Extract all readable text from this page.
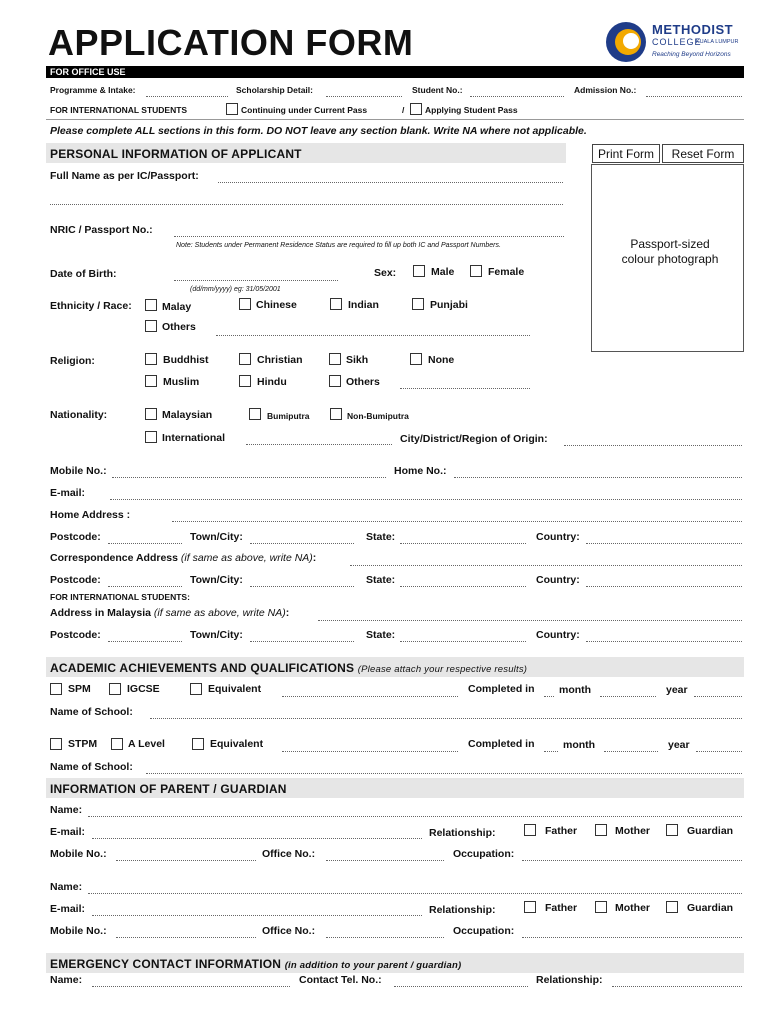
APPLICATION FORM	METHODIST
COLLEGE
KUALA LUMPUR
Reaching Beyond Horizons
FOR OFFICE USE
Programme & Intake:	Scholarship Detail:	Student No.:	Admission No.:
FOR INTERNATIONAL STUDENTS	Continuing under Current Pass	/ Applying Student Pass
Please complete ALL sections in this form. DO NOT leave any section blank. Write NA where not applicable.
PERSONAL INFORMATION OF APPLICANT	Print Form	Reset Form
Passport-sized
colour photograph
Full Name as per IC/Passport:
NRIC / Passport No.:
Note: Students under Permanent Residence Status are required to fill up both IC and Passport Numbers.
Date of Birth:
(dd/mm/yyyy) eg: 31/05/2001
Sex:	Male	Female
Ethnicity / Race:	Malay	Chinese	Indian	Punjabi
Others
Religion:	Buddhist	Christian	Sikh	None
Muslim	Hindu	Others
Nationality:	Malaysian	Bumiputra	Non-Bumiputra
International	City/District/Region of Origin:
Mobile No.:	Home No.:
E-mail:
Home Address :
Postcode:	Town/City:	State:	Country:
Correspondence Address (if same as above, write NA):
Postcode:	Town/City:	State:	Country:
FOR INTERNATIONAL STUDENTS:
Address in Malaysia (if same as above, write NA):
Postcode:	Town/City:	State:	Country:
ACADEMIC ACHIEVEMENTS AND QUALIFICATIONS (Please attach your respective results)
SPM	IGCSE	Equivalent	Completed in month	year
Name of School:
STPM	A Level	Equivalent	Completed in	month	year
Name of School:
INFORMATION OF PARENT / GUARDIAN
Name:
E-mail:	Relationship:	Father	Mother	Guardian
Mobile No.:	Office No.:	Occupation:
Name:
E-mail:	Relationship:	Father	Mother	Guardian
Mobile No.:	Office No.:	Occupation:
EMERGENCY CONTACT INFORMATION (in addition to your parent / guardian)
Name:	Contact Tel. No.:	Relationship:
